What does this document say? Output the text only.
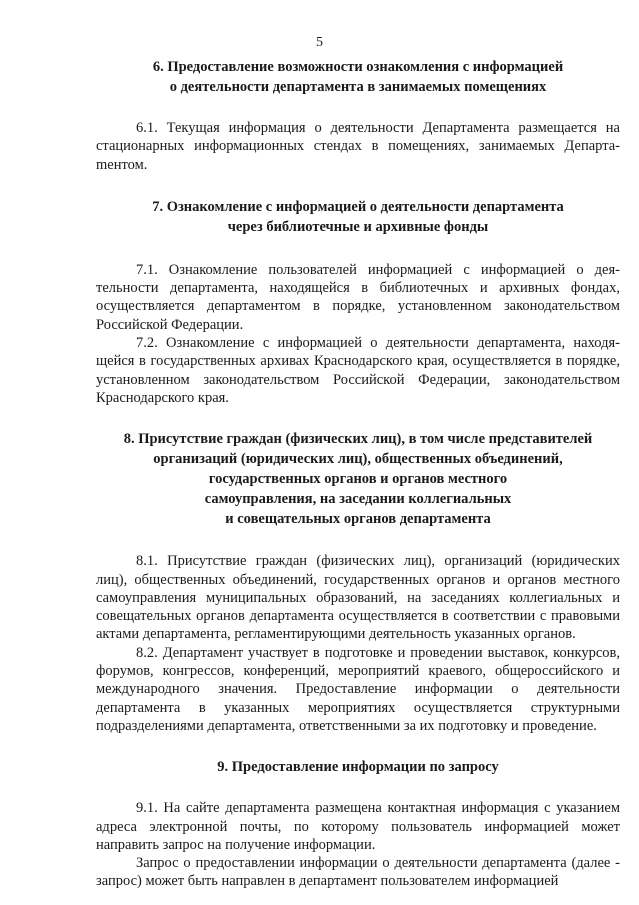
5
6. Предоставление возможности ознакомления с информацией
о деятельности департамента в занимаемых помещениях

6.1. Текущая информация о деятельности Департамента размещается на стационарных информационных стендах в помещениях, занимаемых Департаmентом.

7. Ознакомление с информацией о деятельности департамента
через библиотечные и архивные фонды

7.1. Ознакомление пользователей информацией с информацией о деятельности департамента, находящейся в библиотечных и архивных фондах, осуществляется департаментом в порядке, установленном законодательством Российской Федерации.

7.2. Ознакомление с информацией о деятельности департамента, находящейся в государственных архивах Краснодарского края, осуществляется в порядке, установленном законодательством Российской Федерации, законодательством Краснодарского края.

8. Присутствие граждан (физических лиц), в том числе представителей
организаций (юридических лиц), общественных объединений,
государственных органов и органов местного
самоуправления, на заседании коллегиальных
и совещательных органов департамента

8.1. Присутствие граждан (физических лиц), организаций (юридических лиц), общественных объединений, государственных органов и органов местного самоуправления муниципальных образований, на заседаниях коллегиальных и совещательных органов департамента осуществляется в соответствии с правовыми актами департамента, регламентирующими деятельность указанных органов.

8.2. Департамент участвует в подготовке и проведении выставок, конкурсов, форумов, конгрессов, конференций, мероприятий краевого, общероссийского и международного значения. Предоставление информации о деятельности департамента в указанных мероприятиях осуществляется структурными подразделениями департамента, ответственными за их подготовку и проведение.

9. Предоставление информации по запросу

9.1. На сайте департамента размещена контактная информация с указанием адреса электронной почты, по которому пользователь информацией может направить запрос на получение информации.

Запрос о предоставлении информации о деятельности департамента (далее - запрос) может быть направлен в департамент пользователем информацией
